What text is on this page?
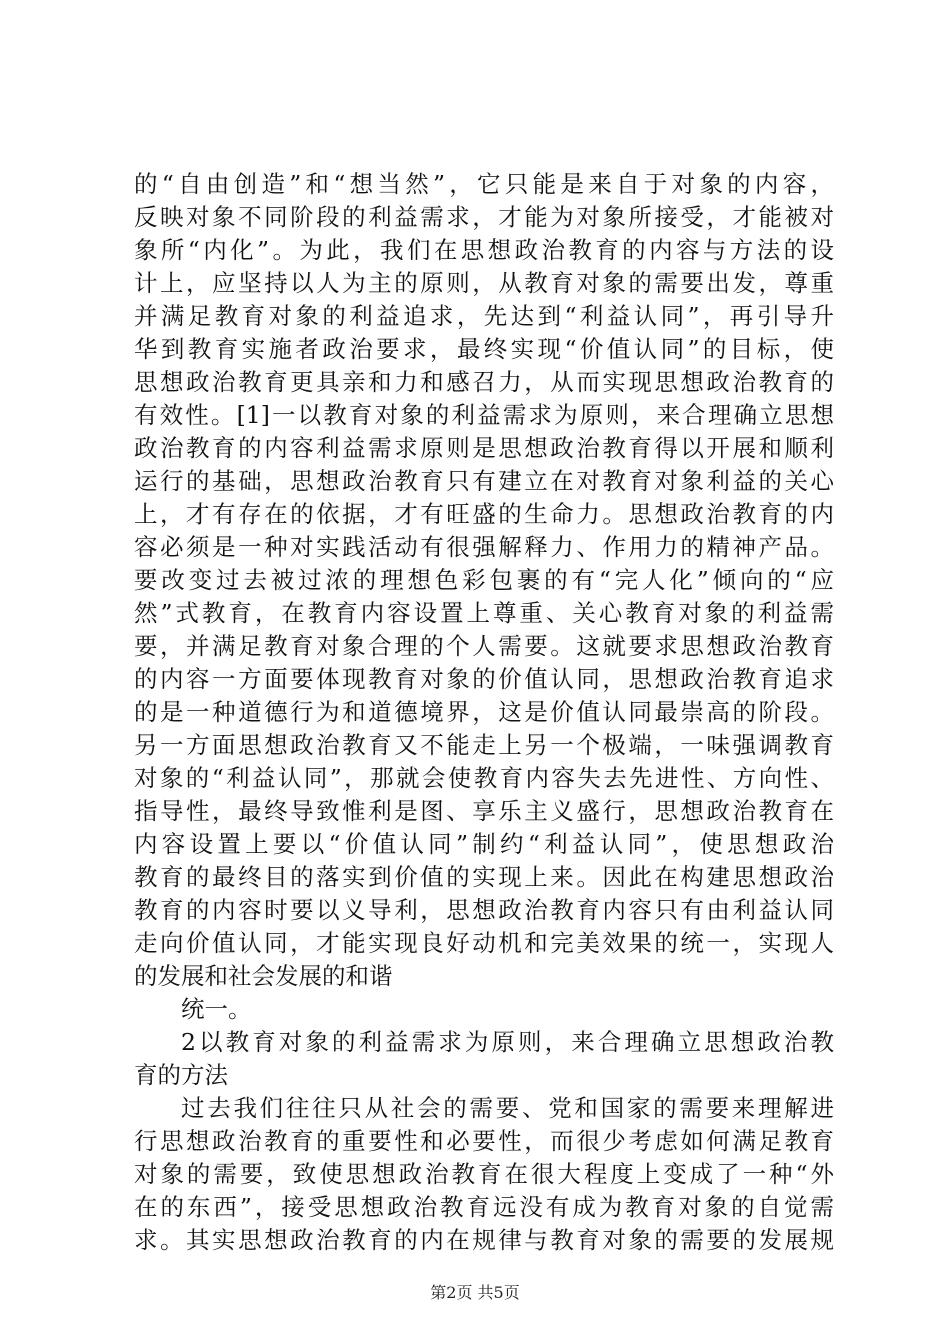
的“自由创造”和“想当然”，它只能是来自于对象的内容，
反映对象不同阶段的利益需求，才能为对象所接受，才能被对
象所“内化”。为此，我们在思想政治教育的内容与方法的设
计上，应坚持以人为主的原则，从教育对象的需要出发，尊重
并满足教育对象的利益追求，先达到“利益认同”，再引导升
华到教育实施者政治要求，最终实现“价值认同”的目标，使
思想政治教育更具亲和力和感召力，从而实现思想政治教育的
有效性。[1]一以教育对象的利益需求为原则，来合理确立思想
政治教育的内容利益需求原则是思想政治教育得以开展和顺利
运行的基础，思想政治教育只有建立在对教育对象利益的关心
上，才有存在的依据，才有旺盛的生命力。思想政治教育的内
容必须是一种对实践活动有很强解释力、作用力的精神产品。
要改变过去被过浓的理想色彩包裹的有“完人化”倾向的“应
然”式教育，在教育内容设置上尊重、关心教育对象的利益需
要，并满足教育对象合理的个人需要。这就要求思想政治教育
的内容一方面要体现教育对象的价值认同，思想政治教育追求
的是一种道德行为和道德境界，这是价值认同最崇高的阶段。
另一方面思想政治教育又不能走上另一个极端，一味强调教育
对象的“利益认同”，那就会使教育内容失去先进性、方向性、
指导性，最终导致惟利是图、享乐主义盛行，思想政治教育在
内容设置上要以“价值认同”制约“利益认同”，使思想政治
教育的最终目的落实到价值的实现上来。因此在构建思想政治
教育的内容时要以义导利，思想政治教育内容只有由利益认同
走向价值认同，才能实现良好动机和完美效果的统一，实现人
的发展和社会发展的和谐
统一。
2以教育对象的利益需求为原则，来合理确立思想政治教
育的方法
过去我们往往只从社会的需要、党和国家的需要来理解进
行思想政治教育的重要性和必要性，而很少考虑如何满足教育
对象的需要，致使思想政治教育在很大程度上变成了一种“外
在的东西”，接受思想政治教育远没有成为教育对象的自觉需
求。其实思想政治教育的内在规律与教育对象的需要的发展规
第2页 共5页
